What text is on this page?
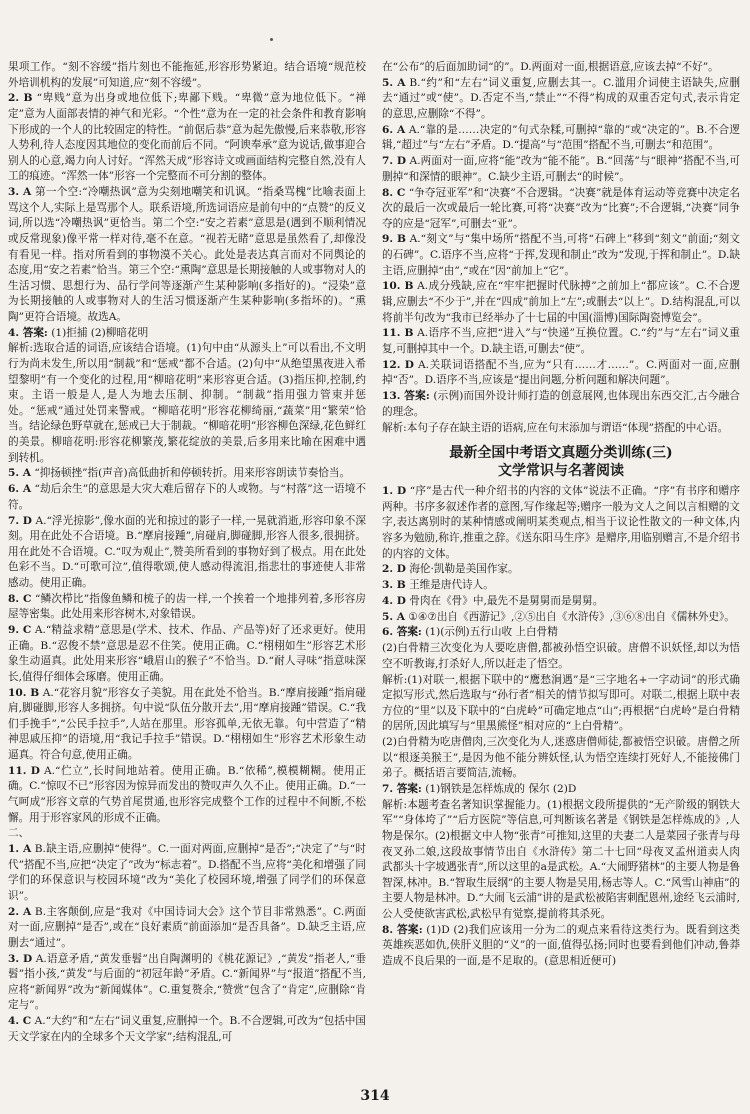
果项工作。“刻不容缓”指片刻也不能拖延,形容形势紧迫。结合语境“规范校外培训机构的发展”可知道,应“刻不容缓”。

2. B “卑贱”意为出身或地位低下;卑鄙下贱。“卑微”意为地位低下。“禅定”意为人面部表情的神气和光彩。“个性”意为在一定的社会条件和教育影响下形成的一个人的比较固定的特性。“前倨后恭”意为起先傲慢,后来恭敬,形容人势利,待人态度因其地位的变化而前后不同。“阿谀奉承”意为说话,做事迎合别人的心意,竭力向人讨好。“浑然天成”形容诗文或画面结构完整自然,没有人工的痕迹。“浑然一体”形容一个完整而不可分割的整体。

3. A 第一个空:“冷嘲热讽”意为尖刻地嘲笑和讥讽。“指桑骂槐”比喻表面上骂这个人,实际上是骂那个人。联系语境,所选词语应是前句中的“点赞”的反义词,所以选“冷嘲热讽”更恰当。第二个空:“安之若素”意思是(遇到不顺利情况或反常现象)像平常一样对待,毫不在意。“视若无睹”意思是虽然看了,却像没有看见一样。指对所看到的事物漠不关心。此处是表达真言而对不同舆论的态度,用“安之若素”恰当。第三个空:“熏陶”意思是长期接触的人或事物对人的生活习惯、思想行为、品行学问等逐渐产生某种影响(多指好的)。“浸染”意为长期接触的人或事物对人的生活习惯逐渐产生某种影响(多指坏的)。“熏陶”更符合语境。故选A。

4. 答案: (1)拒捕 (2)柳暗花明

解析:选取合适的词语,应该结合语境。(1)句中由“从源头上”可以看出,不文明行为尚未发生,所以用“制裁”和“惩戒”都不合适。(2)句中“从绝望黑夜进入希望黎明”有一个变化的过程,用“柳暗花明”来形容更合适。(3)指压抑,控制,约束。主语一般是人,是人为地去压制、抑制。“制裁”指用强力管束并惩处。“惩戒”通过处罚来警戒。“柳暗花明”形容花柳绮丽,“蔬菜”用“繁荣”恰当。结论绿色野草就在,惩戒已大于制裁。“柳暗花明”形容柳色深绿,花色鲜红的美景。柳暗花明:形容花柳繁茂,繁花绽放的美景,后多用来比喻在困难中遇到转机。

5. A “抑扬顿挫”指(声音)高低曲折和停顿转折。用来形容朗读节奏恰当。

6. A “劫后余生”的意思是大灾大难后留存下的人或物。与“村落”这一语境不符。

7. D A.“浮光掠影”,像水面的光和掠过的影子一样,一晃就消逝,形容印象不深刻。用在此处不合语境。B.“摩肩接踵”,肩碰肩,脚碰脚,形容人很多,很拥挤。用在此处不合语境。C.“叹为观止”,赞美所看到的事物好到了极点。用在此处色彩不当。D.“可歌可泣”,值得歌颂,使人感动得流泪,指悲壮的事迹使人非常感动。使用正确。

8. C “鳞次栉比”指像鱼鳞和梳子的齿一样,一个挨着一个地排列着,多形容房屋等密集。此处用来形容树木,对象错误。

9. C A.“精益求精”意思是(学术、技术、作品、产品等)好了还求更好。使用正确。B.“忍俊不禁”意思是忍不住笑。使用正确。C.“栩栩如生”形容艺术形象生动逼真。此处用来形容“峨眉山的猴子”不恰当。D.“耐人寻味”指意味深长,值得仔细体会琢磨。使用正确。

10. B A.“花容月貌”形容女子美貌。用在此处不恰当。B.“摩肩接踵”指肩碰肩,脚碰脚,形容人多拥挤。句中说“队伍分散开去”,用“摩肩接踵”错误。C.“我们手挽手”,“公民手拉手”,人站在那里。形容孤单,无依无靠。句中营造了“精神思戚压抑”的语境,用“我记手拉手”错误。D.“栩栩如生”形容艺术形象生动逼真。符合句意,使用正确。

11. D A.“伫立”,长时间地站着。使用正确。B.“依稀”,模模糊糊。使用正确。C.“惊叹不已”形容因为惊异而发出的赞叹声久久不止。使用正确。D.“一气呵成”形容文章的气势首尾贯通,也形容完成整个工作的过程中不间断,不松懈。用于形容家风的形成不正确。

二、

1. A B.缺主语,应删掉“使得”。C.一面对两面,应删掉“是否”;“决定了”与“时代”搭配不当,应把“决定了”改为“标志着”。D.搭配不当,应将“美化和增强了同学们的环保意识与校园环境”改为“美化了校园环境,增强了同学们的环保意识”。

2. A B.主客颠倒,应是“我对《中国诗词大会》这个节目非常熟悉”。C.两面对一面,应删掉“是否”,或在“良好素质”前面添加“是否具备”。D.缺乏主语,应删去“通过”。

3. D A.语意矛盾,“黄发垂髫”出自陶渊明的《桃花源记》,“黄发”指老人,“垂髫”指小孩,“黄发”与后面的“初冠年龄”矛盾。C.“新闻界”与“报道”搭配不当,应将“新闻界”改为“新闻媒体”。C.重复赘余,“赞赏”包含了“肯定”,应删除“肯定与”。

4. C A.“大约”和“左右”词义重复,应删掉一个。B.不合逻辑,可改为“包括中国天文学家在内的全球多个天文学家”;结构混乱,可

在“公布”的后面加助词“的”。D.两面对一面,根据语意,应该去掉“不好”。

5. A B.“约”和“左右”词义重复,应删去其一。C.滥用介词使主语缺失,应删去“通过”或“使”。D.否定不当,“禁止”“不得”构成的双重否定句式,表示肯定的意思,应删除“不得”。

6. A A.“靠的是……决定的”句式杂糅,可删掉“靠的”或“决定的”。B.不合逻辑,“超过”与“左右”矛盾。D.“提高”与“范围”搭配不当,可删去“和范围”。

7. D A.两面对一面,应将“能”改为“能不能”。B.“回荡”与“眼神”搭配不当,可删掉“和深情的眼神”。C.缺少主语,可删去“的时候”。

8. C “争夺冠亚军”和“决赛”不合逻辑。“决赛”就是体育运动等竞赛中决定名次的最后一次或最后一轮比赛,可将“决赛”改为“比赛”;不合逻辑,“决赛”同争夺的应是“冠军”,可删去“亚”。

9. B A.“刻文”与“集中场所”搭配不当,可将“石碑上”移到“刻文”前面;“刻文的石碑”。C.语序不当,应将“于挥,发现和制止”改为“发现,于挥和制止”。D.缺主语,应删掉“由”,“或在”因“前加上“它”。

10. B A.成分残缺,应在“牢牢把握时代脉搏”之前加上“都应该”。C.不合逻辑,应删去“不少于”,并在“四成”前加上“左”;或删去“以上”。D.结构混乱,可以将前半句改为“我市已经举办了十七届的中国(淄博)国际陶瓷博览会”。

11. B A.语序不当,应把“进入”与“快递”互换位置。C.“约”与“左右”词义重复,可删掉其中一个。D.缺主语,可删去“使”。

12. D A.关联词语搭配不当,应为“只有……才……”。C.两面对一面,应删掉“否”。D.语序不当,应该是“提出问题,分析问题和解决问题”。

13. 答案: (示例)而国外设计师打造的创意展网,也体现出东西交汇,古今融合的理念。

解析:本句子存在缺主语的语病,应在句末添加与谓语“体现”搭配的中心语。

最新全国中考语文真题分类训练(三)
文学常识与名著阅读

1. D “序”是古代一种介绍书的内容的文体”说法不正确。“序”有书序和赠序两种。书序多叙述作者的意图,写作缘起等;赠序一般为文人之间以言相赠的文字,表达离别时的某种情感或阐明某类观点,相当于议论性散文的一种文体,内容多为勉励,称许,推重之辞。《送东阳马生序》是赠序,用临别赠言,不是介绍书的内容的文体。

2. D 海伦·凯勒是美国作家。

3. B 王维是唐代诗人。

4. D 骨肉在《骨》中,最先不是舅舅而是舅舅。

5. A ①④⑦出自《西游记》,②⑤出自《水浒传》,③⑥⑧出自《儒林外史》。

6. 答案: (1)(示例)五行山收 上白骨精

(2)白骨精三次变化为人要吃唐僧,都被孙悟空识破。唐僧不识妖怪,却以为悟空不听教诲,打杀好人,所以赶走了悟空。

解析:(1)对联一,根据下联中的“鹰愁涧遇”是“三字地名+一字动词”的形式确定拟写形式,然后选取与“孙行者”相关的情节拟写即可。对联二,根据上联中表方位的“里”以及下联中的“白虎岭”可确定地点“山”;再根据“白虎岭”是白骨精的居所,因此填写与“里黑熊怪”相对应的“上白骨精”。

(2)白骨精为吃唐僧肉,三次变化为人,迷惑唐僧师徒,都被悟空识破。唐僧之所以“根逐美猴王”,是因为他不能分辨妖怪,认为悟空连续打死好人,不能接佛门弟子。概括语言要简洁,流畅。

7. 答案: (1)钢铁是怎样炼成的 保尔 (2)D

解析:本题考查名著知识掌握能力。(1)根据文段所提供的“无产阶级的钢铁大军”“身体垮了”“后方医院”等信息,可判断该名著是《钢铁是怎样炼成的》,人物是保尔。(2)根据文中人物“张青”可推知,这里的夫妻二人是菜园子张青与母夜叉孙二娘,这段故事情节出自《水浒传》第二十七回“母夜叉孟州道卖人肉 武都头十字坡遇张青”,所以这里的a是武松。A.“大闹野猪林”的主要人物是鲁智深,林冲。B.“智取生辰纲”的主要人物是吴用,杨志等人。C.“风雪山神庙”的主要人物是林冲。D.“大闹飞云浦”讲的是武松被陷害刺配恩州,途经飞云浦时,公人受使欲害武松,武松早有觉察,提前将其杀死。

8. 答案: (1)D (2)我们应该用一分为二的观点来看待这类行为。既看到这类英雄疾恶如仇,侠肝义胆的“义”的一面,值得弘扬;同时也要看到他们冲动,鲁莽造成不良后果的一面,是不足取的。(意思相近便可)

314
